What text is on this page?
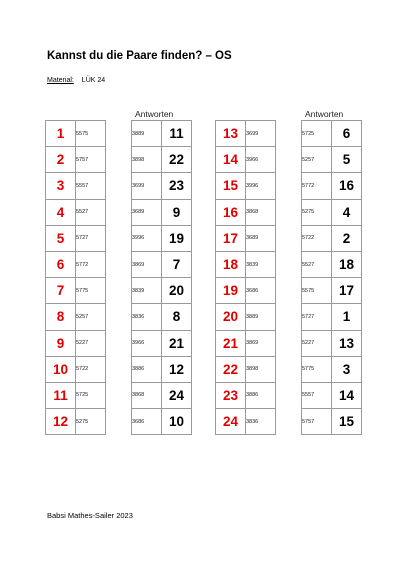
Kannst du die Paare finden? – OS
Material: LÜK 24
Antworten	Antworten
1	5575
2	5757
3	5557
4	5527
5	5727
6	5772
7	5775
8	5257
9	5227
10	5722
11	5725
12	5275
3889	11
3898	22
3699	23
3689	9
3996	19
3869	7
3839	20
3836	8
3966	21
3886	12
3868	24
3686	10
13	3699
14	3966
15	3996
16	3868
17	3689
18	3839
19	3686
20	3889
21	3869
22	3898
23	3886
24	3836
5725	6
5257	5
5772	16
5275	4
5722	2
5527	18
5575	17
5727	1
5227	13
5775	3
5557	14
5757	15
Babsi Mathes-Sailer 2023
